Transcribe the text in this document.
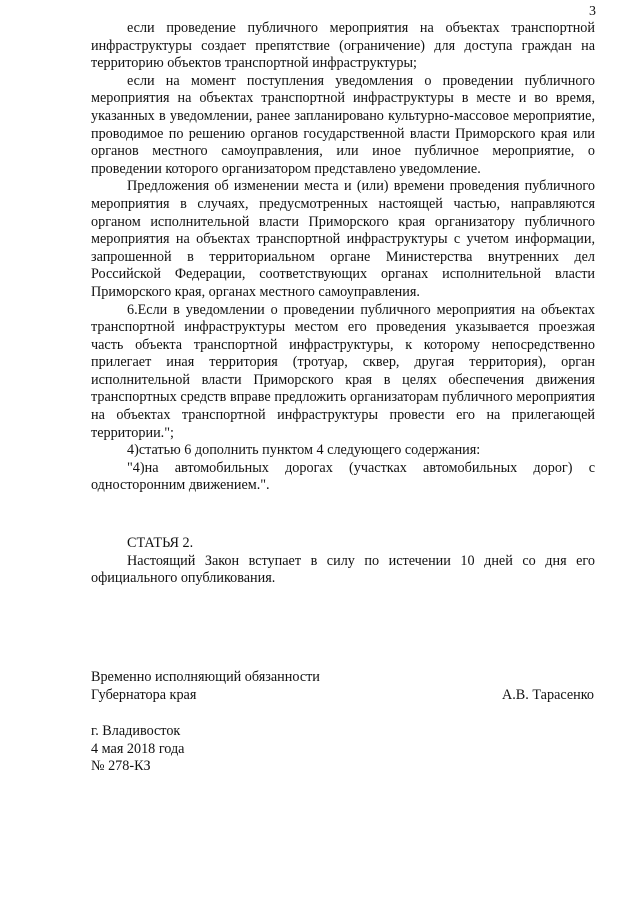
3

если проведение публичного мероприятия на объектах транспортной инфраструктуры создает препятствие (ограничение) для доступа граждан на территорию объектов транспортной инфраструктуры;

если на момент поступления уведомления о проведении публичного мероприятия на объектах транспортной инфраструктуры в месте и во время, указанных в уведомлении, ранее запланировано культурно-массовое мероприятие, проводимое по решению органов государственной власти Приморского края или органов местного самоуправления, или иное публичное мероприятие, о проведении которого организатором представлено уведомление.

Предложения об изменении места и (или) времени проведения публичного мероприятия в случаях, предусмотренных настоящей частью, направляются органом исполнительной власти Приморского края организатору публичного мероприятия на объектах транспортной инфраструктуры с учетом информации, запрошенной в территориальном органе Министерства внутренних дел Российской Федерации, соответствующих органах исполнительной власти Приморского края, органах местного самоуправления.

6.Если в уведомлении о проведении публичного мероприятия на объектах транспортной инфраструктуры местом его проведения указывается проезжая часть объекта транспортной инфраструктуры, к которому непосредственно прилегает иная территория (тротуар, сквер, другая территория), орган исполнительной власти Приморского края в целях обеспечения движения транспортных средств вправе предложить организаторам публичного мероприятия на объектах транспортной инфраструктуры провести его на прилегающей территории.";

4)статью 6 дополнить пунктом 4 следующего содержания:

"4)на автомобильных дорогах (участках автомобильных дорог) с односторонним движением.".

СТАТЬЯ 2.

Настоящий Закон вступает в силу по истечении 10 дней со дня его официального опубликования.

Временно исполняющий обязанности
Губернатора края	А.В. Тарасенко
г. Владивосток
4 мая 2018 года
№ 278-КЗ
